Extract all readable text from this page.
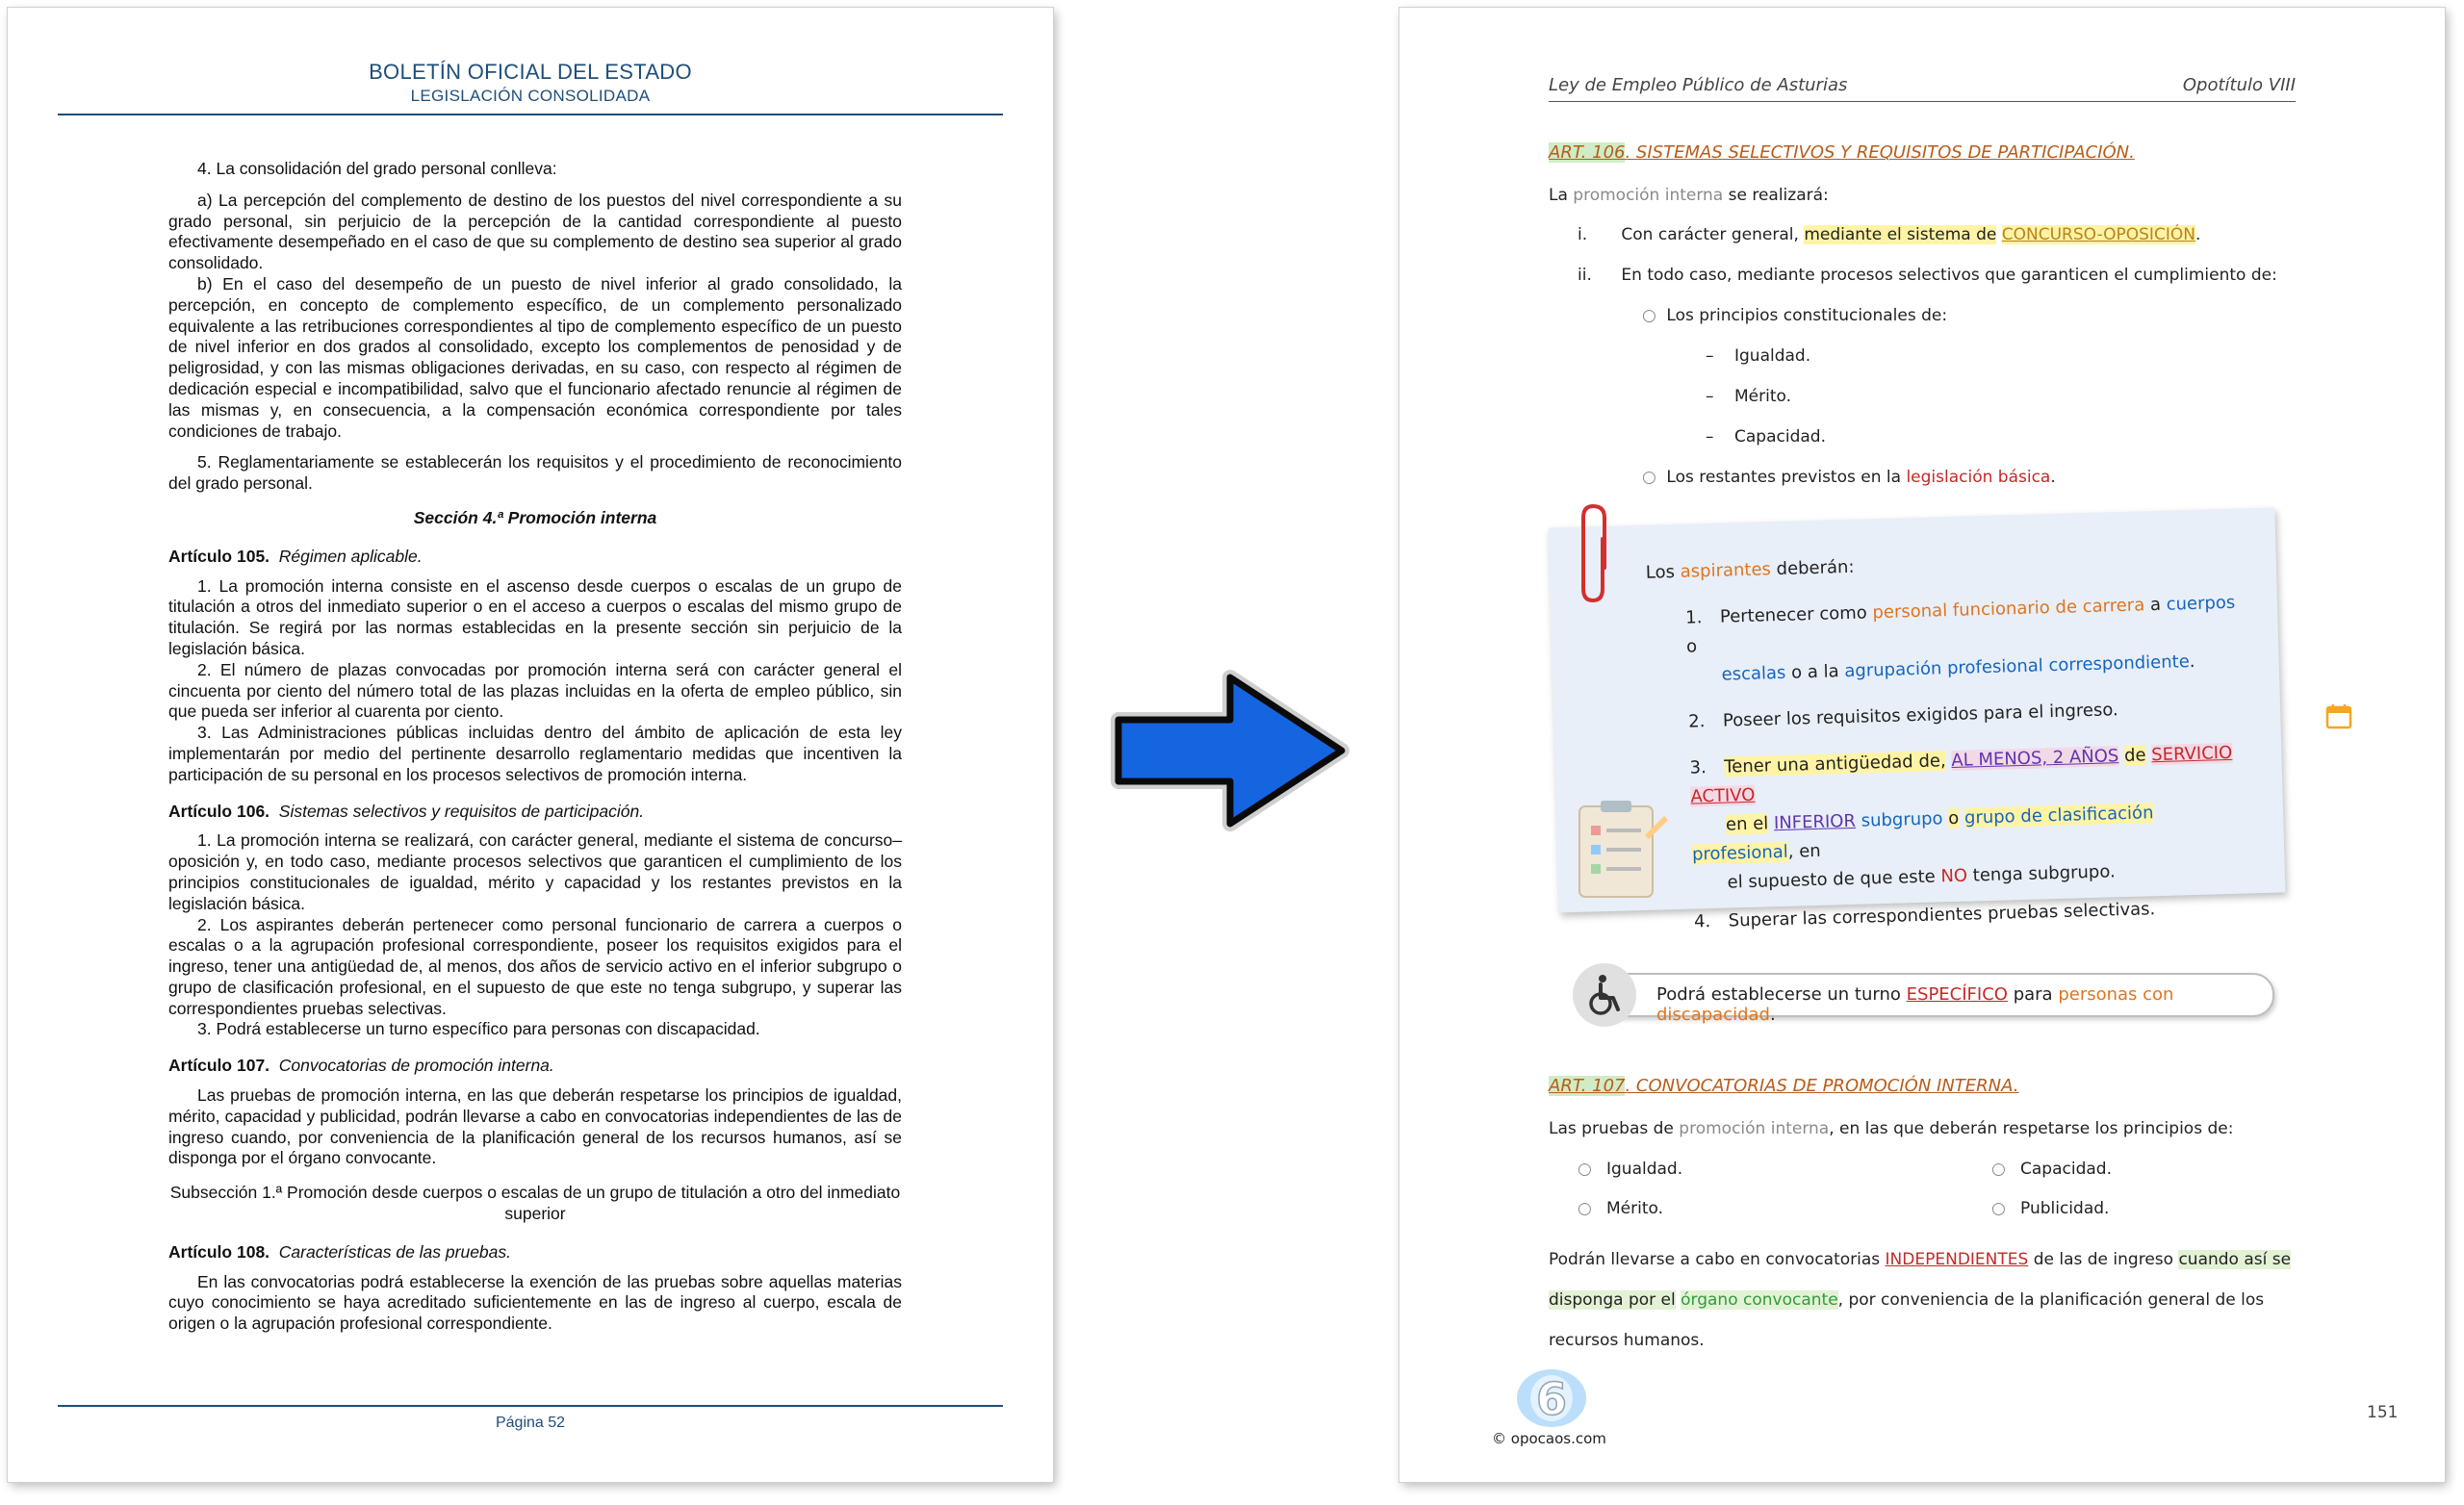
BOLETÍN OFICIAL DEL ESTADO
LEGISLACIÓN CONSOLIDADA

4. La consolidación del grado personal conlleva:

a) La percepción del complemento de destino de los puestos del nivel correspondiente a su grado personal, sin perjuicio de la percepción de la cantidad correspondiente al puesto efectivamente desempeñado en el caso de que su complemento de destino sea superior al grado consolidado.

b) En el caso del desempeño de un puesto de nivel inferior al grado consolidado, la percepción, en concepto de complemento específico, de un complemento personalizado equivalente a las retribuciones correspondientes al tipo de complemento específico de un puesto de nivel inferior en dos grados al consolidado, excepto los complementos de penosidad y de peligrosidad, y con las mismas obligaciones derivadas, en su caso, con respecto al régimen de dedicación especial e incompatibilidad, salvo que el funcionario afectado renuncie al régimen de las mismas y, en consecuencia, a la compensación económica correspondiente por tales condiciones de trabajo.

5. Reglamentariamente se establecerán los requisitos y el procedimiento de reconocimiento del grado personal.

Sección 4.ª Promoción interna

Artículo 105. Régimen aplicable.

1. La promoción interna consiste en el ascenso desde cuerpos o escalas de un grupo de titulación a otros del inmediato superior o en el acceso a cuerpos o escalas del mismo grupo de titulación. Se regirá por las normas establecidas en la presente sección sin perjuicio de la legislación básica.

2. El número de plazas convocadas por promoción interna será con carácter general el cincuenta por ciento del número total de las plazas incluidas en la oferta de empleo público, sin que pueda ser inferior al cuarenta por ciento.

3. Las Administraciones públicas incluidas dentro del ámbito de aplicación de esta ley implementarán por medio del pertinente desarrollo reglamentario medidas que incentiven la participación de su personal en los procesos selectivos de promoción interna.

Artículo 106. Sistemas selectivos y requisitos de participación.

1. La promoción interna se realizará, con carácter general, mediante el sistema de concurso–oposición y, en todo caso, mediante procesos selectivos que garanticen el cumplimiento de los principios constitucionales de igualdad, mérito y capacidad y los restantes previstos en la legislación básica.

2. Los aspirantes deberán pertenecer como personal funcionario de carrera a cuerpos o escalas o a la agrupación profesional correspondiente, poseer los requisitos exigidos para el ingreso, tener una antigüedad de, al menos, dos años de servicio activo en el inferior subgrupo o grupo de clasificación profesional, en el supuesto de que este no tenga subgrupo, y superar las correspondientes pruebas selectivas.

3. Podrá establecerse un turno específico para personas con discapacidad.

Artículo 107. Convocatorias de promoción interna.

Las pruebas de promoción interna, en las que deberán respetarse los principios de igualdad, mérito, capacidad y publicidad, podrán llevarse a cabo en convocatorias independientes de las de ingreso cuando, por conveniencia de la planificación general de los recursos humanos, así se disponga por el órgano convocante.

Subsección 1.ª Promoción desde cuerpos o escalas de un grupo de titulación a otro del inmediato superior

Artículo 108. Características de las pruebas.

En las convocatorias podrá establecerse la exención de las pruebas sobre aquellas materias cuyo conocimiento se haya acreditado suficientemente en las de ingreso al cuerpo, escala de origen o la agrupación profesional correspondiente.

Página 52
Ley de Empleo Público de Asturias	Opotítulo VIII
ART. 106. SISTEMAS SELECTIVOS Y REQUISITOS DE PARTICIPACIÓN.
La promoción interna se realizará:
i. Con carácter general, mediante el sistema de CONCURSO-OPOSICIÓN.
ii. En todo caso, mediante procesos selectivos que garanticen el cumplimiento de:
○ Los principios constitucionales de:
– Igualdad.
– Mérito.
– Capacidad.
○ Los restantes previstos en la legislación básica.
Los aspirantes deberán:
1. Pertenecer como personal funcionario de carrera a cuerpos o
escalas o a la agrupación profesional correspondiente.
2. Poseer los requisitos exigidos para el ingreso.
3. Tener una antigüedad de, AL MENOS, 2 AÑOS de SERVICIO ACTIVO
en el INFERIOR subgrupo o grupo de clasificación profesional, en
el supuesto de que este NO tenga subgrupo.
4. Superar las correspondientes pruebas selectivas.
Podrá establecerse un turno ESPECÍFICO para personas con discapacidad.
ART. 107. CONVOCATORIAS DE PROMOCIÓN INTERNA.
Las pruebas de promoción interna, en las que deberán respetarse los principios de:
○ Igualdad.	○ Capacidad.
○ Mérito.	○ Publicidad.
Podrán llevarse a cabo en convocatorias INDEPENDIENTES de las de ingreso cuando así se disponga por el órgano convocante, por conveniencia de la planificación general de los recursos humanos.
6
© opocaos.com
151
